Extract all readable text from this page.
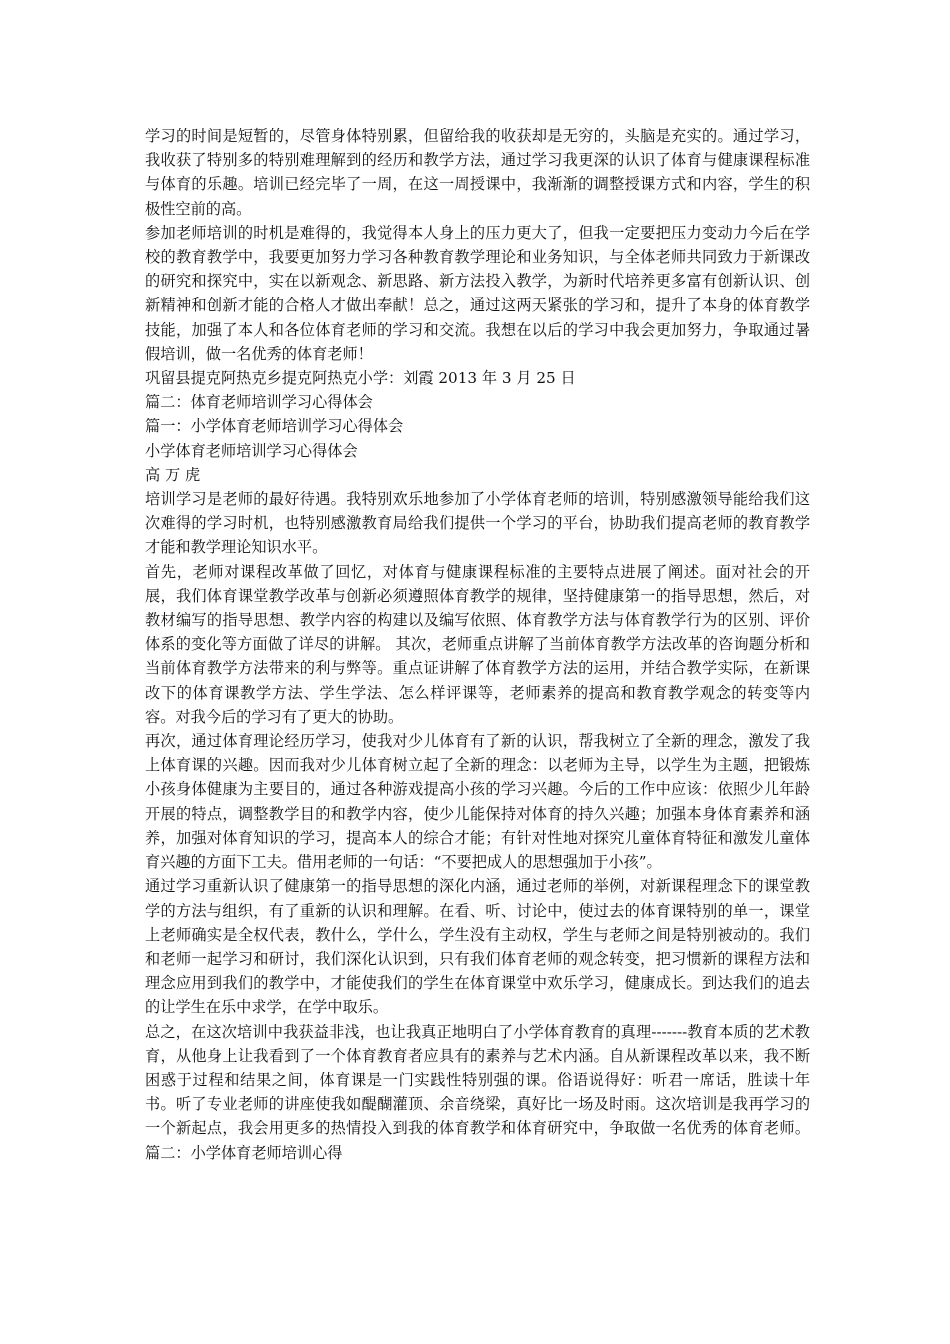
学习的时间是短暂的，尽管身体特别累，但留给我的收获却是无穷的，头脑是充实的。通过学习，我收获了特别多的特别难理解到的经历和教学方法，通过学习我更深的认识了体育与健康课程标准与体育的乐趣。培训已经完毕了一周，在这一周授课中，我渐渐的调整授课方式和内容，学生的积极性空前的高。

参加老师培训的时机是难得的，我觉得本人身上的压力更大了，但我一定要把压力变动力今后在学校的教育教学中，我要更加努力学习各种教育教学理论和业务知识，与全体老师共同致力于新课改的研究和探究中，实在以新观念、新思路、新方法投入教学，为新时代培养更多富有创新认识、创新精神和创新才能的合格人才做出奉献！总之，通过这两天紧张的学习和，提升了本身的体育教学技能，加强了本人和各位体育老师的学习和交流。我想在以后的学习中我会更加努力，争取通过暑假培训，做一名优秀的体育老师！

巩留县提克阿热克乡提克阿热克小学：刘霞 2013 年 3 月 25 日

篇二：体育老师培训学习心得体会

篇一：小学体育老师培训学习心得体会

小学体育老师培训学习心得体会

高 万 虎

培训学习是老师的最好待遇。我特别欢乐地参加了小学体育老师的培训，特别感激领导能给我们这次难得的学习时机，也特别感激教育局给我们提供一个学习的平台，协助我们提高老师的教育教学才能和教学理论知识水平。

首先，老师对课程改革做了回忆，对体育与健康课程标准的主要特点进展了阐述。面对社会的开展，我们体育课堂教学改革与创新必须遵照体育教学的规律，坚持健康第一的指导思想，然后，对教材编写的指导思想、教学内容的构建以及编写依照、体育教学方法与体育教学行为的区别、评价体系的变化等方面做了详尽的讲解。 其次，老师重点讲解了当前体育教学方法改革的咨询题分析和当前体育教学方法带来的利与弊等。重点证讲解了体育教学方法的运用，并结合教学实际，在新课改下的体育课教学方法、学生学法、怎么样评课等，老师素养的提高和教育教学观念的转变等内容。对我今后的学习有了更大的协助。

再次，通过体育理论经历学习，使我对少儿体育有了新的认识，帮我树立了全新的理念，激发了我上体育课的兴趣。因而我对少儿体育树立起了全新的理念：以老师为主导，以学生为主题，把锻炼小孩身体健康为主要目的，通过各种游戏提高小孩的学习兴趣。今后的工作中应该：依照少儿年龄开展的特点，调整教学目的和教学内容，使少儿能保持对体育的持久兴趣；加强本身体育素养和涵养，加强对体育知识的学习，提高本人的综合才能；有针对性地对探究儿童体育特征和激发儿童体育兴趣的方面下工夫。借用老师的一句话：“不要把成人的思想强加于小孩”。

通过学习重新认识了健康第一的指导思想的深化内涵，通过老师的举例，对新课程理念下的课堂教学的方法与组织，有了重新的认识和理解。在看、听、讨论中，使过去的体育课特别的单一，课堂上老师确实是全权代表，教什么，学什么，学生没有主动权，学生与老师之间是特别被动的。我们和老师一起学习和研讨，我们深化认识到，只有我们体育老师的观念转变，把习惯新的课程方法和理念应用到我们的教学中，才能使我们的学生在体育课堂中欢乐学习，健康成长。到达我们的追去的让学生在乐中求学，在学中取乐。

总之，在这次培训中我获益非浅，也让我真正地明白了小学体育教育的真理-------教育本质的艺术教育，从他身上让我看到了一个体育教育者应具有的素养与艺术内涵。自从新课程改革以来，我不断困惑于过程和结果之间，体育课是一门实践性特别强的课。俗语说得好：听君一席话，胜读十年书。听了专业老师的讲座使我如醍醐灌顶、余音绕梁，真好比一场及时雨。这次培训是我再学习的一个新起点，我会用更多的热情投入到我的体育教学和体育研究中，争取做一名优秀的体育老师。篇二：小学体育老师培训心得
